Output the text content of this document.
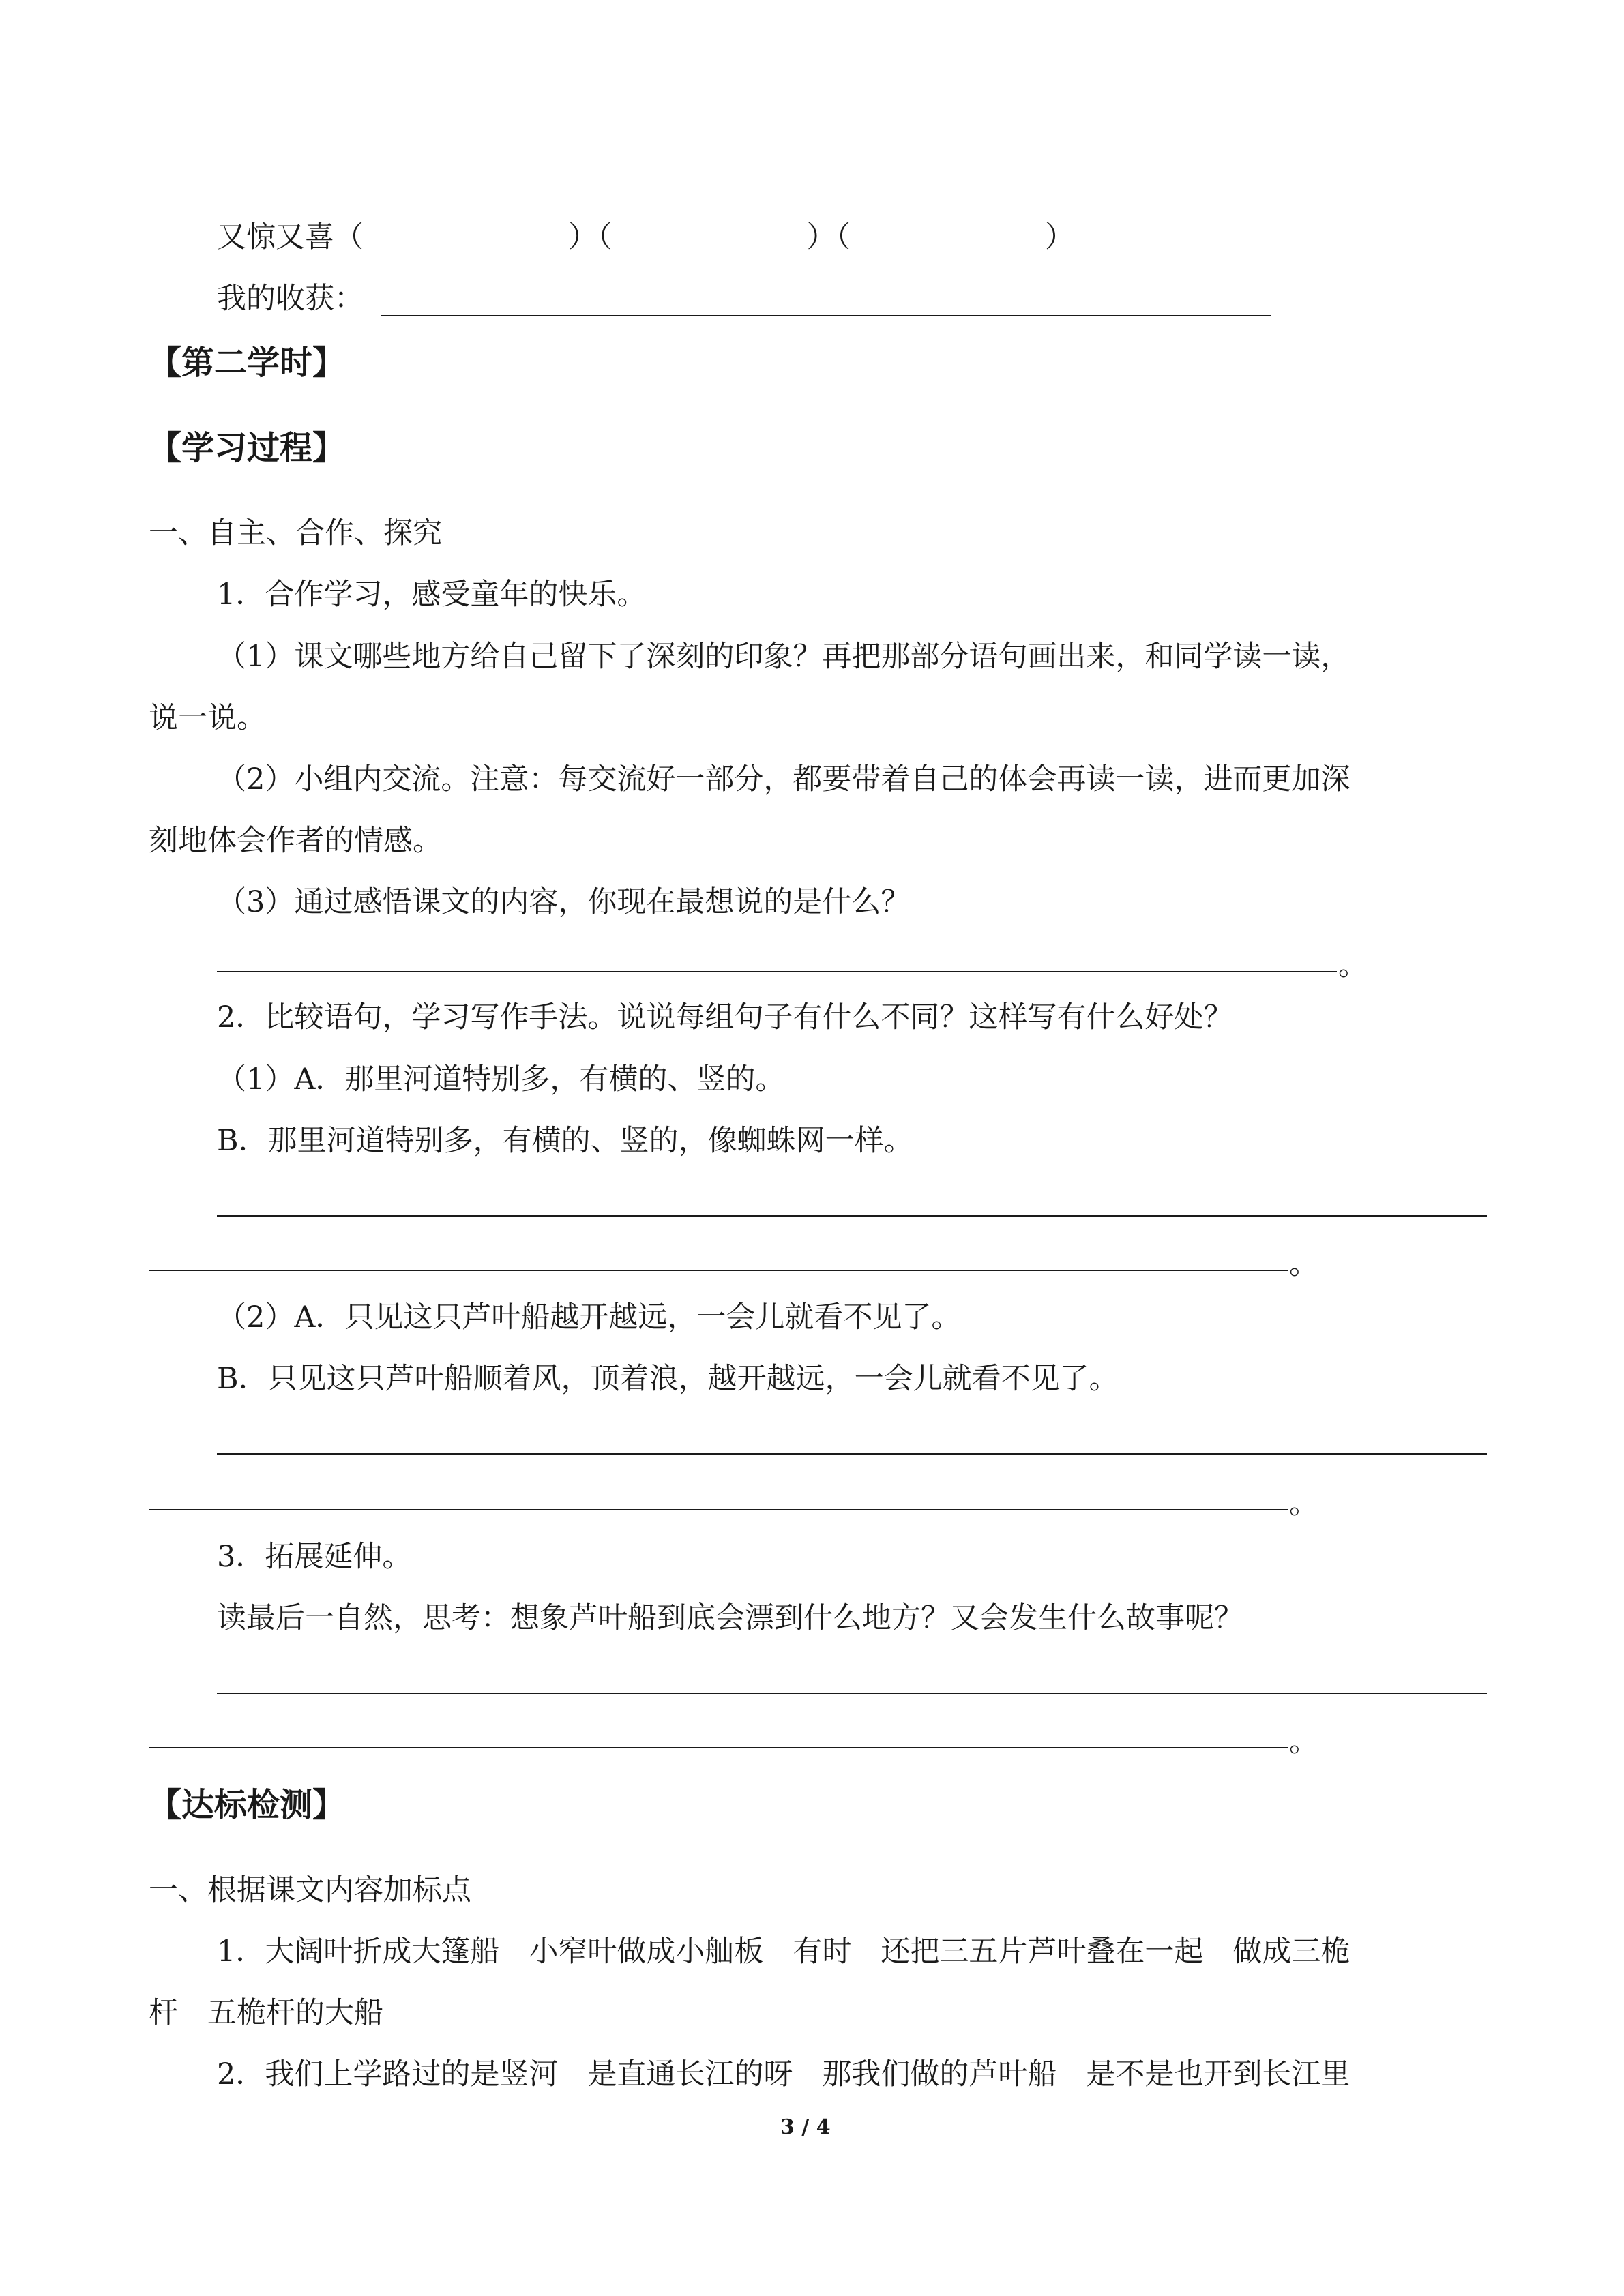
又惊又喜（	）（	）（	）
我的收获：
【第二学时】
【学习过程】
一、自主、合作、探究
1．合作学习，感受童年的快乐。
（1）课文哪些地方给自己留下了深刻的印象？再把那部分语句画出来，和同学读一读，
说一说。
（2）小组内交流。注意：每交流好一部分，都要带着自己的体会再读一读，进而更加深
刻地体会作者的情感。
（3）通过感悟课文的内容，你现在最想说的是什么？
。
2．比较语句，学习写作手法。说说每组句子有什么不同？这样写有什么好处？
（1）A．那里河道特别多，有横的、竖的。
B．那里河道特别多，有横的、竖的，像蜘蛛网一样。
。
（2）A．只见这只芦叶船越开越远，一会儿就看不见了。
B．只见这只芦叶船顺着风，顶着浪，越开越远，一会儿就看不见了。
。
3．拓展延伸。
读最后一自然，思考：想象芦叶船到底会漂到什么地方？又会发生什么故事呢？
。
【达标检测】
一、根据课文内容加标点
1．大阔叶折成大篷船　小窄叶做成小舢板　有时　还把三五片芦叶叠在一起　做成三桅
杆　五桅杆的大船
2．我们上学路过的是竖河　是直通长江的呀　那我们做的芦叶船　是不是也开到长江里
3 / 4
